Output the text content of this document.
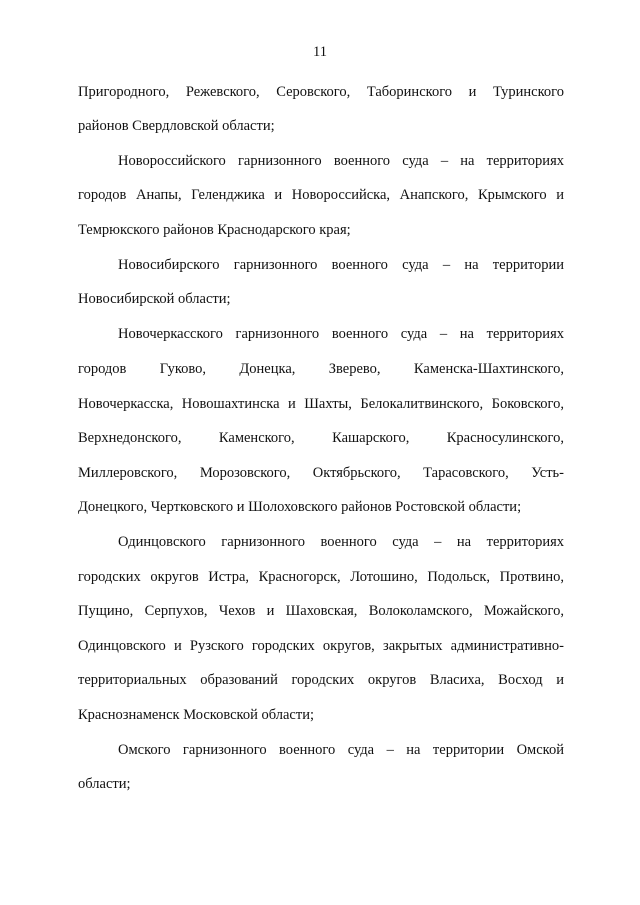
11
Пригородного, Режевского, Серовского, Таборинского и Туринского
районов Свердловской области;
Новороссийского гарнизонного военного суда – на территориях
городов Анапы, Геленджика и Новороссийска, Анапского, Крымского и
Темрюкского районов Краснодарского края;
Новосибирского гарнизонного военного суда – на территории
Новосибирской области;
Новочеркасского гарнизонного военного суда – на территориях
городов Гуково, Донецка, Зверево, Каменска-Шахтинского,
Новочеркасска, Новошахтинска и Шахты, Белокалитвинского, Боковского,
Верхнедонского, Каменского, Кашарского, Красносулинского,
Миллеровского, Морозовского, Октябрьского, Тарасовского, Усть-
Донецкого, Чертковского и Шолоховского районов Ростовской области;
Одинцовского гарнизонного военного суда – на территориях
городских округов Истра, Красногорск, Лотошино, Подольск, Протвино,
Пущино, Серпухов, Чехов и Шаховская, Волоколамского, Можайского,
Одинцовского и Рузского городских округов, закрытых административно-
территориальных образований городских округов Власиха, Восход и
Краснознаменск Московской области;
Омского гарнизонного военного суда – на территории Омской
области;
